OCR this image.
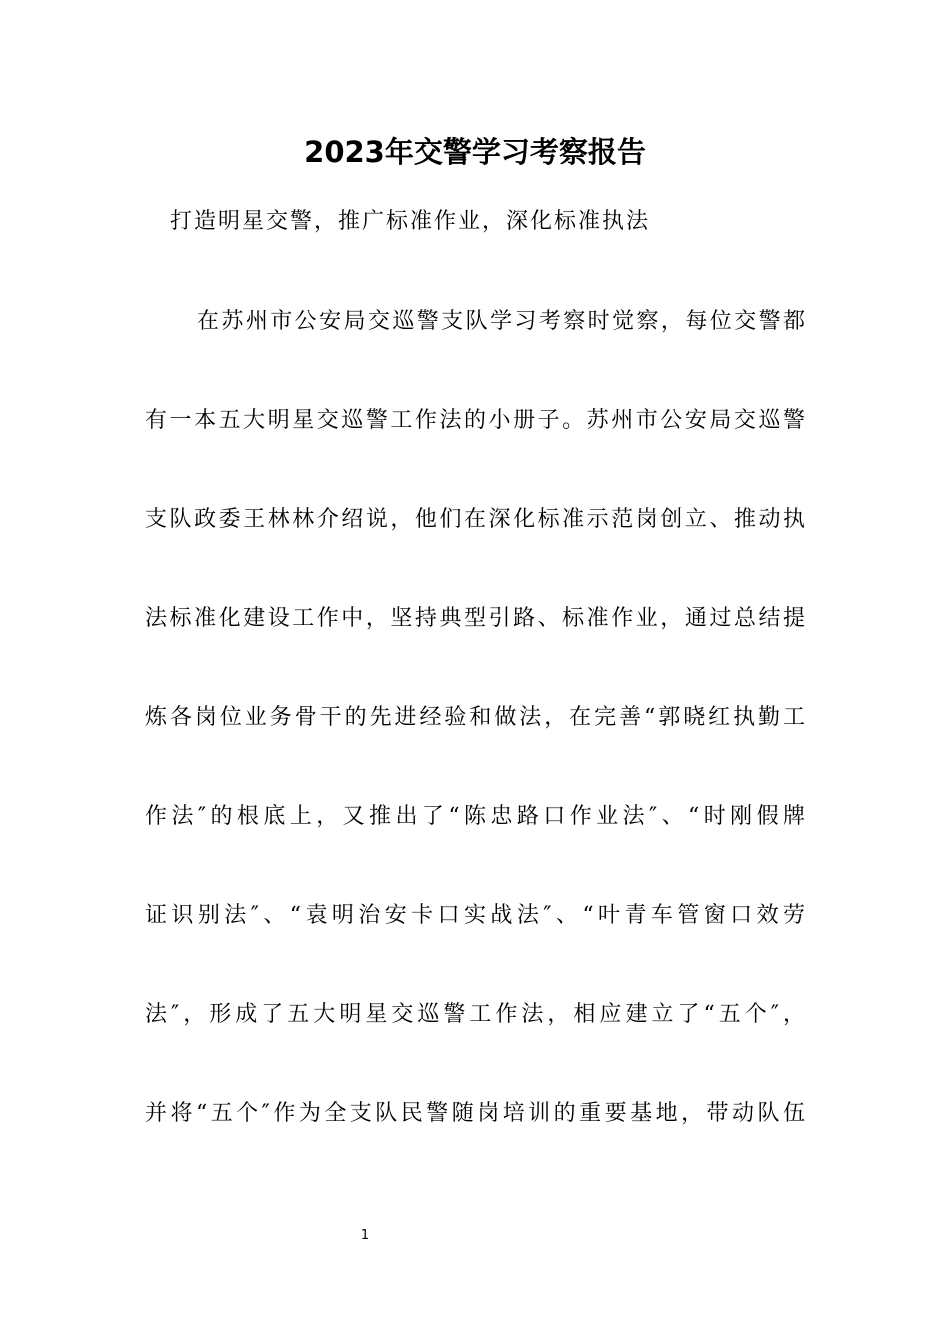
2023年交警学习考察报告
打造明星交警，推广标准作业，深化标准执法
在苏州市公安局交巡警支队学习考察时觉察，每位交警都
有一本五大明星交巡警工作法的小册子。苏州市公安局交巡警
支队政委王林林介绍说，他们在深化标准示范岗创立、推动执
法标准化建设工作中，坚持典型引路、标准作业，通过总结提
炼各岗位业务骨干的先进经验和做法，在完善“郭晓红执勤工
作法″的根底上，又推出了“陈忠路口作业法″、“时刚假牌
证识别法″、“袁明治安卡口实战法″、“叶青车管窗口效劳
法″，形成了五大明星交巡警工作法，相应建立了“五个″，
并将“五个″作为全支队民警随岗培训的重要基地，带动队伍
1
